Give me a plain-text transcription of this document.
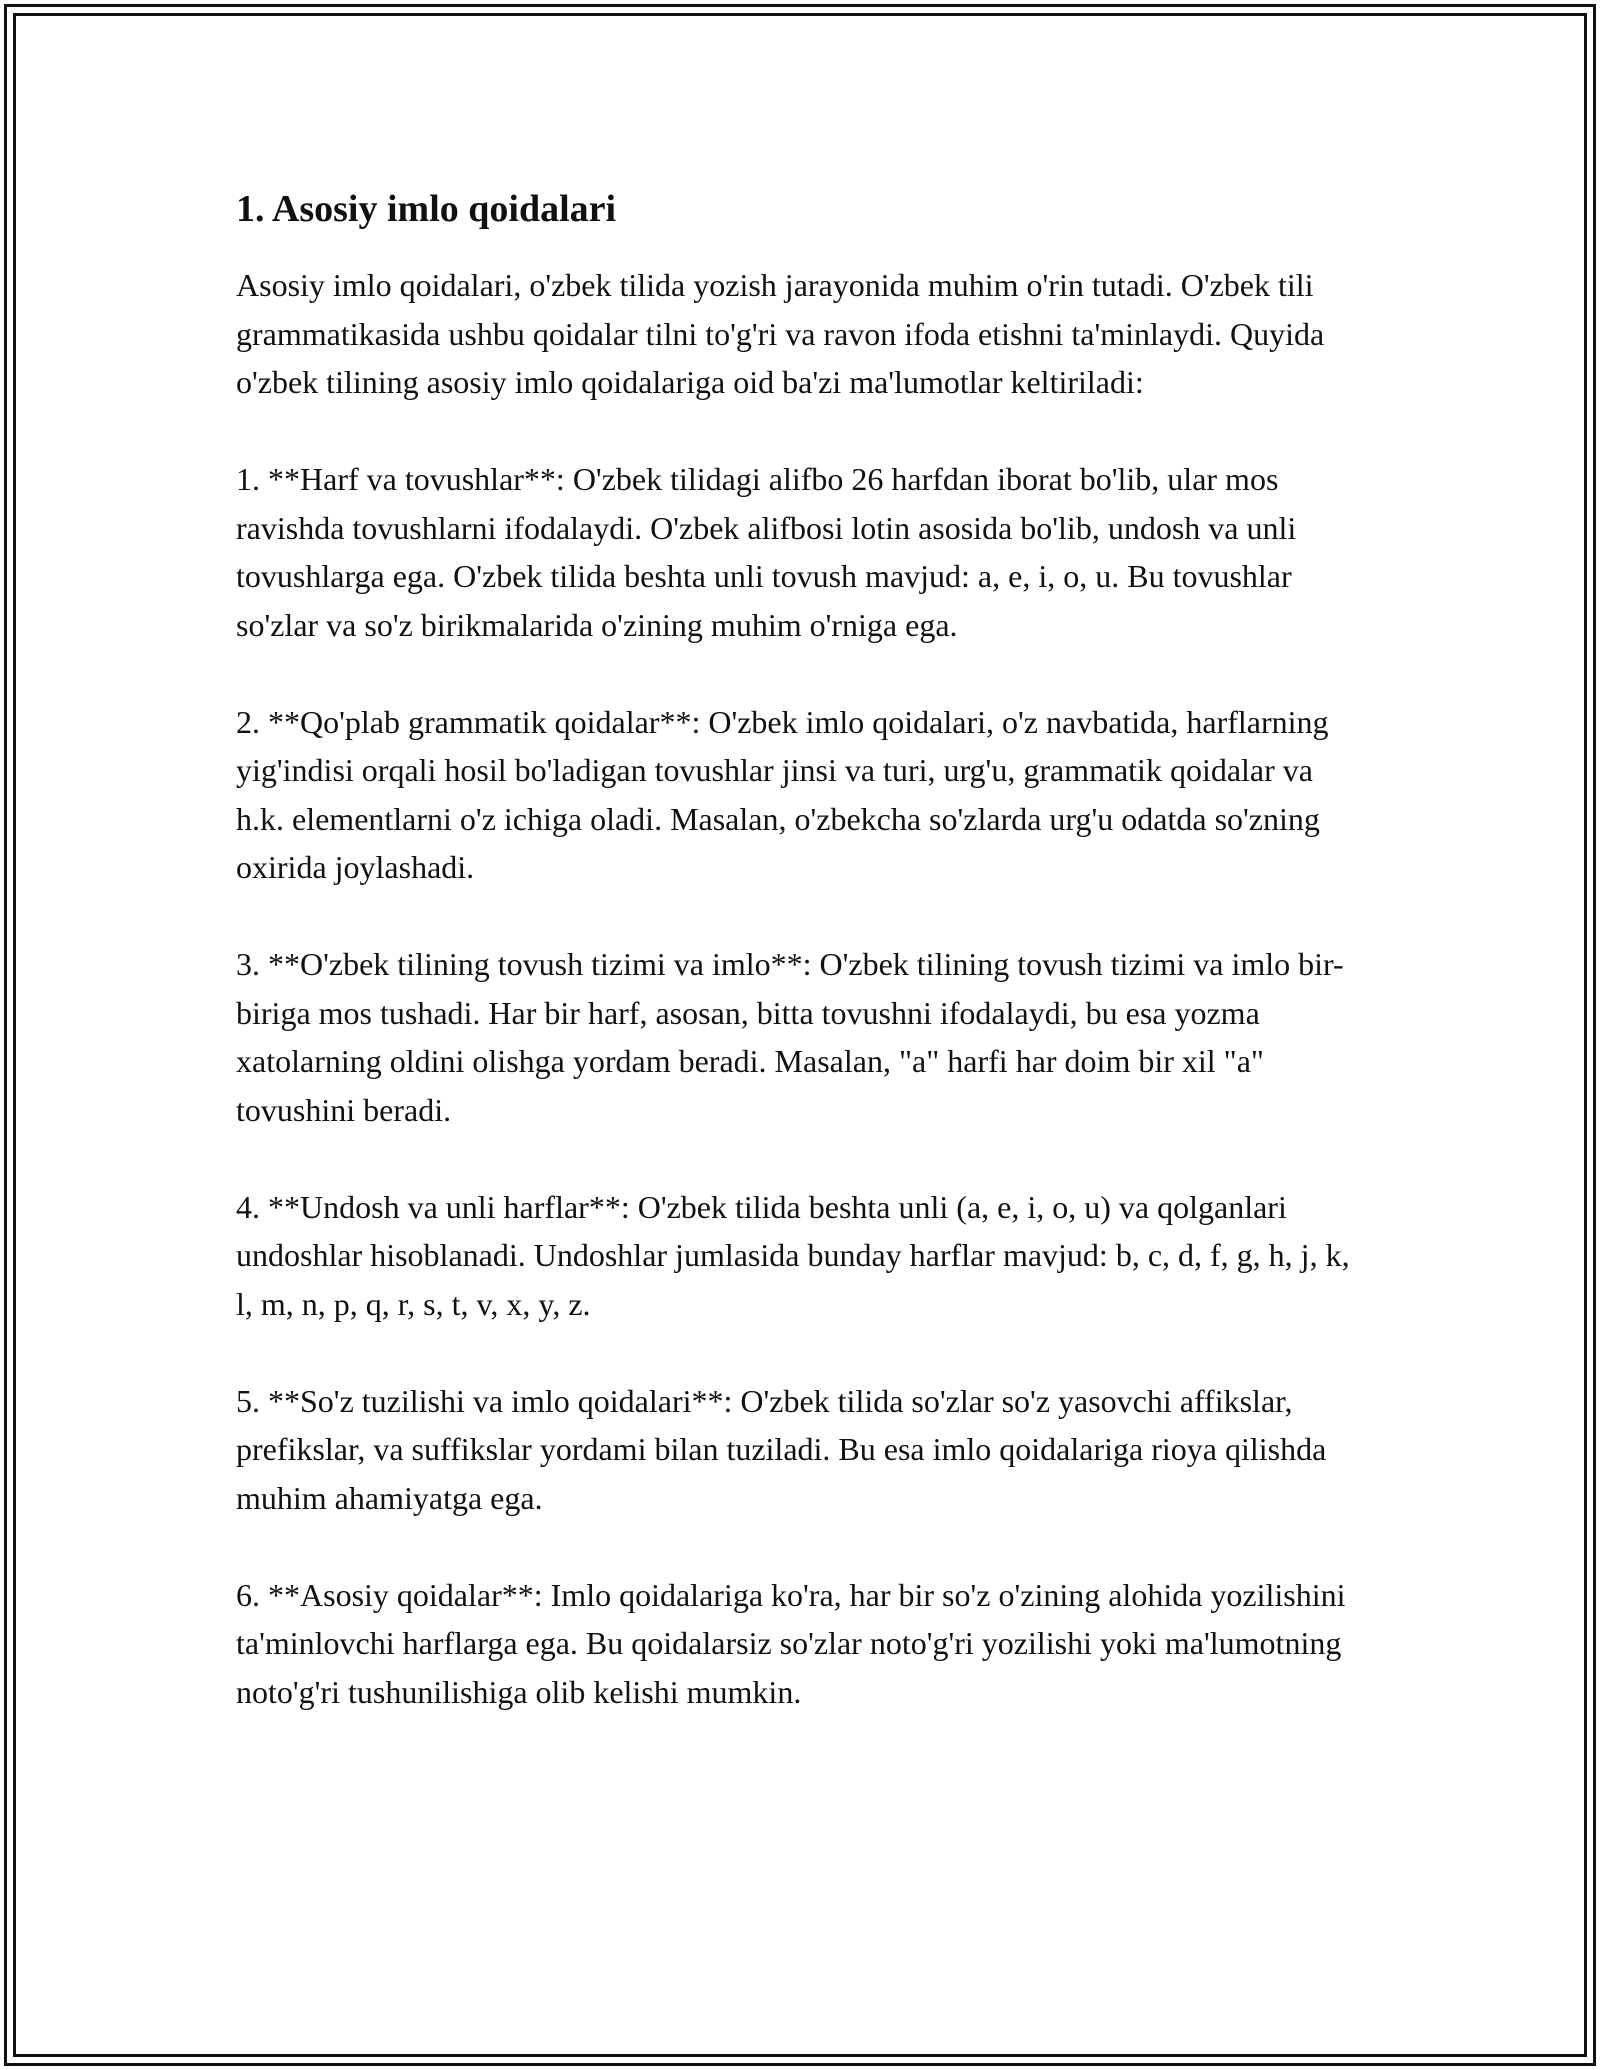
1. Asosiy imlo qoidalari

Asosiy imlo qoidalari, o'zbek tilida yozish jarayonida muhim o'rin tutadi. O'zbek tili grammatikasida ushbu qoidalar tilni to'g'ri va ravon ifoda etishni ta'minlaydi. Quyida o'zbek tilining asosiy imlo qoidalariga oid ba'zi ma'lumotlar keltiriladi:

1. **Harf va tovushlar**: O'zbek tilidagi alifbo 26 harfdan iborat bo'lib, ular mos ravishda tovushlarni ifodalaydi. O'zbek alifbosi lotin asosida bo'lib, undosh va unli tovushlarga ega. O'zbek tilida beshta unli tovush mavjud: a, e, i, o, u. Bu tovushlar so'zlar va so'z birikmalarida o'zining muhim o'rniga ega.

2. **Qo'plab grammatik qoidalar**: O'zbek imlo qoidalari, o'z navbatida, harflarning yig'indisi orqali hosil bo'ladigan tovushlar jinsi va turi, urg'u, grammatik qoidalar va h.k. elementlarni o'z ichiga oladi. Masalan, o'zbekcha so'zlarda urg'u odatda so'zning oxirida joylashadi.

3. **O'zbek tilining tovush tizimi va imlo**: O'zbek tilining tovush tizimi va imlo bir-biriga mos tushadi. Har bir harf, asosan, bitta tovushni ifodalaydi, bu esa yozma xatolarning oldini olishga yordam beradi. Masalan, "a" harfi har doim bir xil "a" tovushini beradi.

4. **Undosh va unli harflar**: O'zbek tilida beshta unli (a, e, i, o, u) va qolganlari undoshlar hisoblanadi. Undoshlar jumlasida bunday harflar mavjud: b, c, d, f, g, h, j, k, l, m, n, p, q, r, s, t, v, x, y, z.

5. **So'z tuzilishi va imlo qoidalari**: O'zbek tilida so'zlar so'z yasovchi affikslar, prefikslar, va suffikslar yordami bilan tuziladi. Bu esa imlo qoidalariga rioya qilishda muhim ahamiyatga ega.

6. **Asosiy qoidalar**: Imlo qoidalariga ko'ra, har bir so'z o'zining alohida yozilishini ta'minlovchi harflarga ega. Bu qoidalarsiz so'zlar noto'g'ri yozilishi yoki ma'lumotning noto'g'ri tushunilishiga olib kelishi mumkin.
